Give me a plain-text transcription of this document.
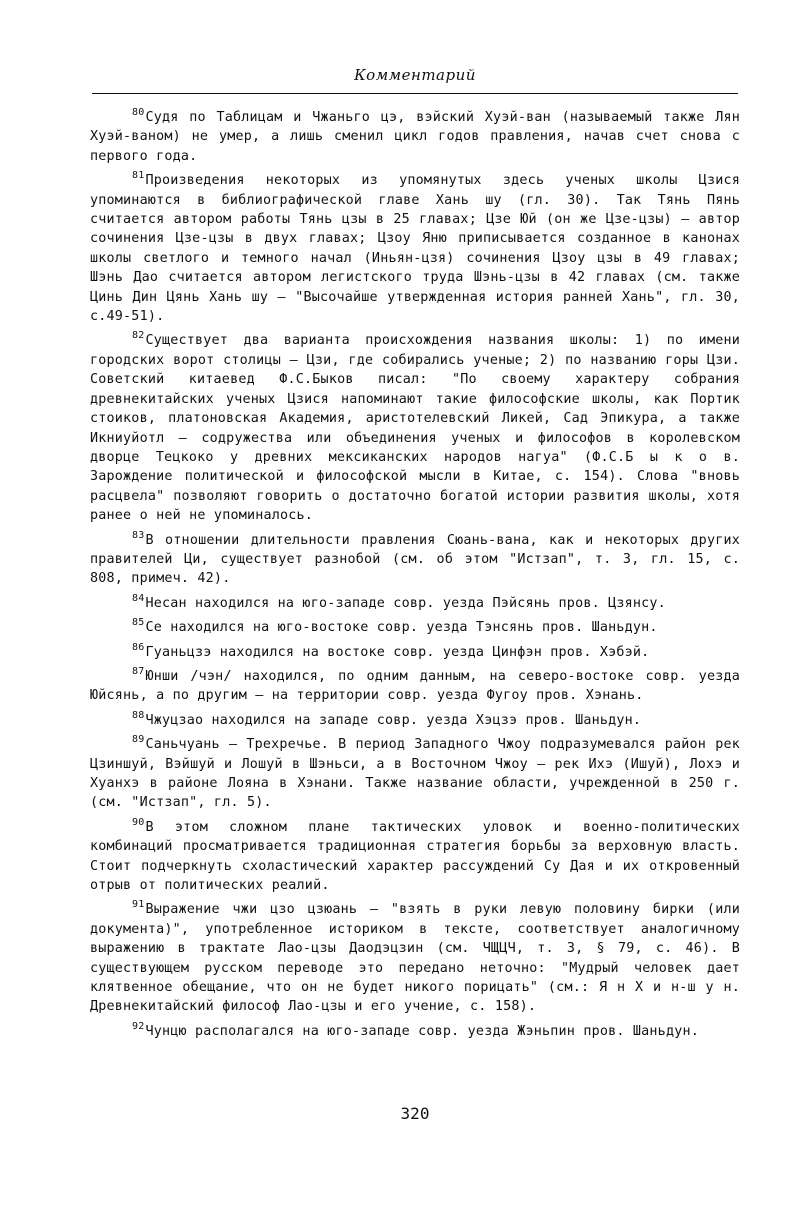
Комментарий

80Судя по Таблицам и Чжаньго цэ, вэйский Хуэй-ван (называемый также Лян Хуэй-ваном) не умер, а лишь сменил цикл годов правления, начав счет снова с первого года.

81Произведения некоторых из упомянутых здесь ученых школы Цзися упоминаются в библиографической главе Хань шу (гл. 30). Так Тянь Пянь считается автором работы Тянь цзы в 25 главах; Цзе Юй (он же Цзе-цзы) — автор сочинения Цзе-цзы в двух главах; Цзоу Яню приписывается созданное в канонах школы светлого и темного начал (Иньян-цзя) сочинения Цзоу цзы в 49 главах; Шэнь Дао считается автором легистского труда Шэнь-цзы в 42 главах (см. также Цинь Дин Цянь Хань шу — "Высочайше утвержденная история ранней Хань", гл. 30, с.49-51).

82Существует два варианта происхождения названия школы: 1) по имени городских ворот столицы — Цзи, где собирались ученые; 2) по названию горы Цзи. Советский китаевед Ф.С.Быков писал: "По своему характеру собрания древнекитайских ученых Цзися напоминают такие философские школы, как Портик стоиков, платоновская Академия, аристотелевский Ликей, Сад Эпикура, а также Икниуйотл — содружества или объединения ученых и философов в королевском дворце Тецкоко у древних мексиканских народов нагуа" (Ф.С.Б ы к о в. Зарождение политической и философской мысли в Китае, с. 154). Слова "вновь расцвела" позволяют говорить о достаточно богатой истории развития школы, хотя ранее о ней не упоминалось.

83В отношении длительности правления Сюань-вана, как и некоторых других правителей Ци, существует разнобой (см. об этом "Истзап", т. 3, гл. 15, с. 808, примеч. 42).

84Несан находился на юго-западе совр. уезда Пэйсянь пров. Цзянсу.

85Се находился на юго-востоке совр. уезда Тэнсянь пров. Шаньдун.

86Гуаньцзэ находился на востоке совр. уезда Цинфэн пров. Хэбэй.

87Юнши /чэн/ находился, по одним данным, на северо-востоке совр. уезда Юйсянь, а по другим — на территории совр. уезда Фугоу пров. Хэнань.

88Чжуцзао находился на западе совр. уезда Хэцзэ пров. Шаньдун.

89Саньчуань — Трехречье. В период Западного Чжоу подразумевался район рек Цзиншуй, Вэйшуй и Лошуй в Шэньси, а в Восточном Чжоу — рек Ихэ (Ишуй), Лохэ и Хуанхэ в районе Лояна в Хэнани. Также название области, учрежденной в 250 г. (см. "Истзап", гл. 5).

90В этом сложном плане тактических уловок и военно-политических комбинаций просматривается традиционная стратегия борьбы за верховную власть. Стоит подчеркнуть схоластический характер рассуждений Су Дая и их откровенный отрыв от политических реалий.

91Выражение чжи цзо цзюань — "взять в руки левую половину бирки (или документа)", употребленное историком в тексте, соответствует аналогичному выражению в трактате Лао-цзы Даодэцзин (см. ЧЩЦЧ, т. 3, § 79, с. 46). В существующем русском переводе это передано неточно: "Мудрый человек дает клятвенное обещание, что он не будет никого порицать" (см.: Я н Х и н-ш у н. Древнекитайский философ Лао-цзы и его учение, с. 158).

92Чунцю располагался на юго-западе совр. уезда Жэньпин пров. Шаньдун.

320
